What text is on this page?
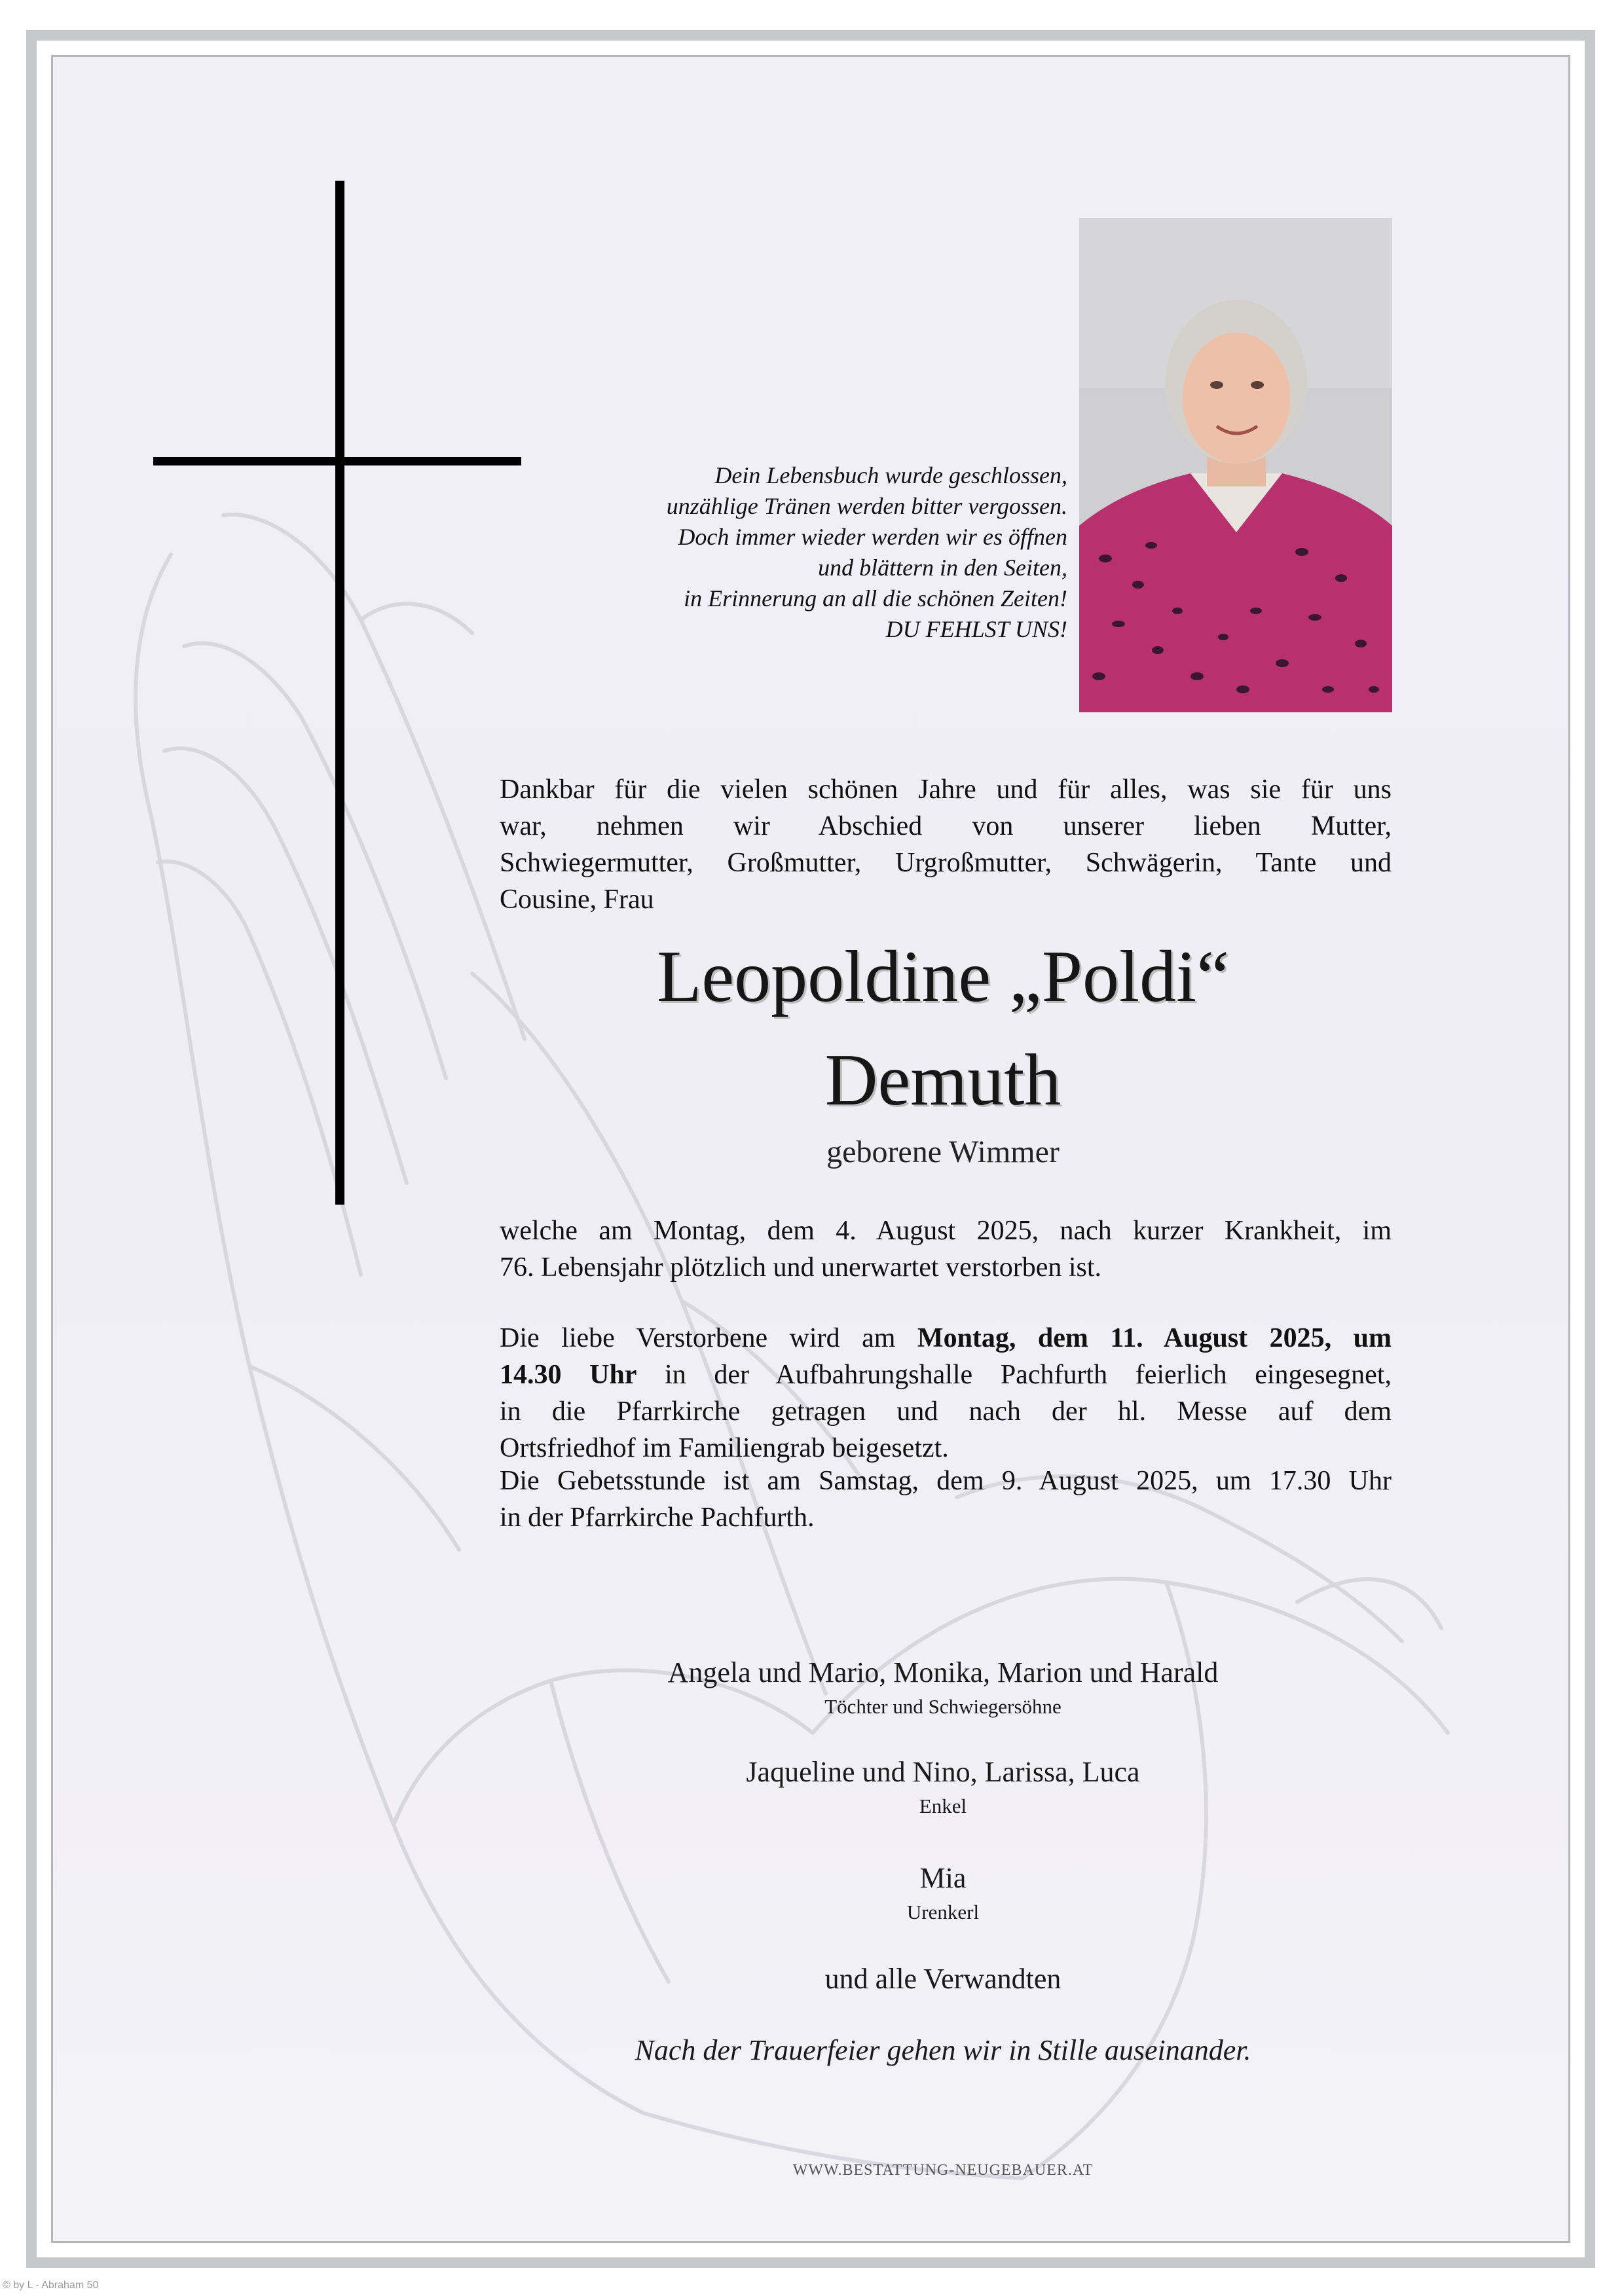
Dein Lebensbuch wurde geschlossen,
unzählige Tränen werden bitter vergossen.
Doch immer wieder werden wir es öffnen
und blättern in den Seiten,
in Erinnerung an all die schönen Zeiten!
DU FEHLST UNS!
Dankbar für die vielen schönen Jahre und für alles, was sie für uns
war, nehmen wir Abschied von unserer lieben Mutter,
Schwiegermutter, Großmutter, Urgroßmutter, Schwägerin, Tante und
Cousine, Frau
Leopoldine „Poldi“
Demuth
geborene Wimmer
welche am Montag, dem 4. August 2025, nach kurzer Krankheit, im
76. Lebensjahr plötzlich und unerwartet verstorben ist.
Die liebe Verstorbene wird am Montag, dem 11. August 2025, um
14.30 Uhr in der Aufbahrungshalle Pachfurth feierlich eingesegnet,
in die Pfarrkirche getragen und nach der hl. Messe auf dem
Ortsfriedhof im Familiengrab beigesetzt.
Die Gebetsstunde ist am Samstag, dem 9. August 2025, um 17.30 Uhr
in der Pfarrkirche Pachfurth.
Angela und Mario, Monika, Marion und Harald
Töchter und Schwiegersöhne
Jaqueline und Nino, Larissa, Luca
Enkel
Mia
Urenkerl
und alle Verwandten
Nach der Trauerfeier gehen wir in Stille auseinander.
WWW.BESTATTUNG-NEUGEBAUER.AT
© by L - Abraham 50
